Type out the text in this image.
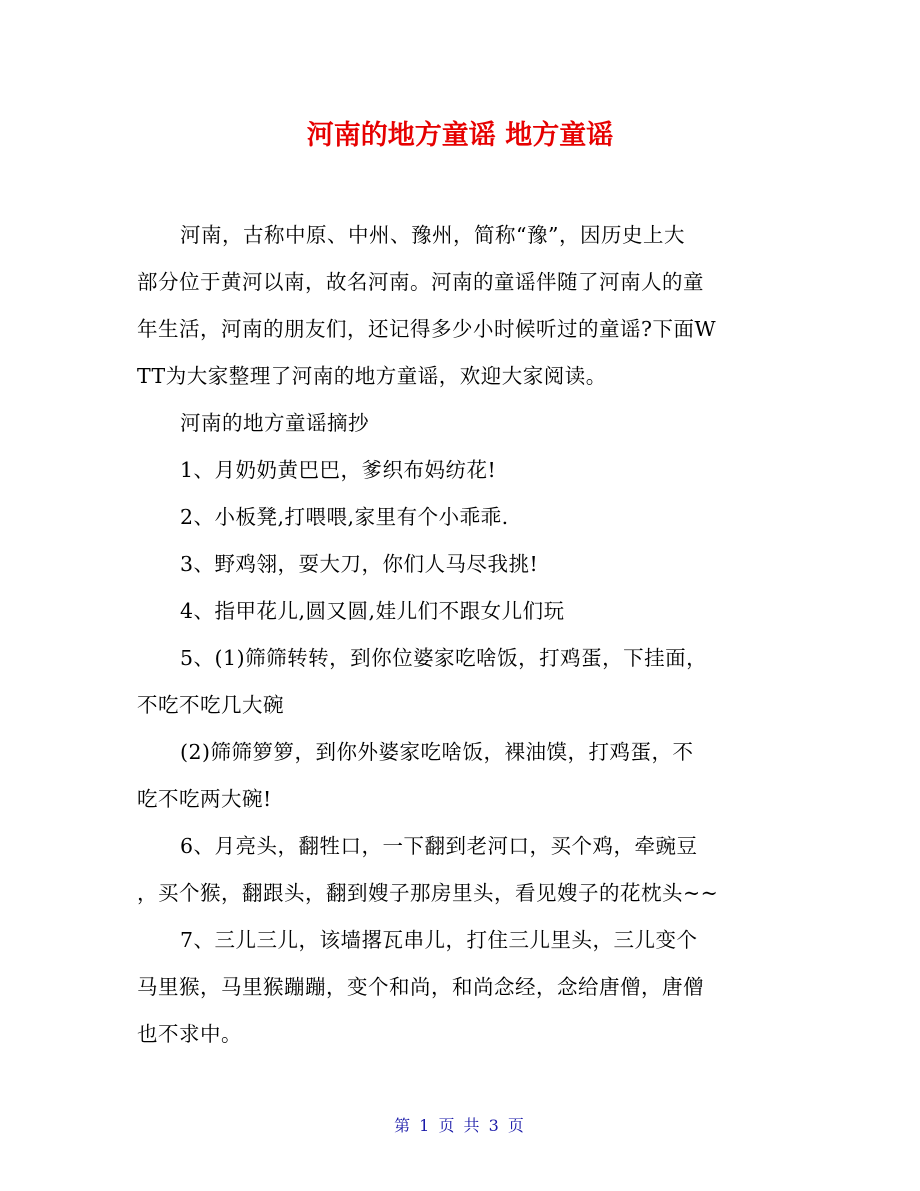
河南的地方童谣 地方童谣
河南，古称中原、中州、豫州，简称“豫”，因历史上大
部分位于黄河以南，故名河南。河南的童谣伴随了河南人的童
年生活，河南的朋友们，还记得多少小时候听过的童谣?下面W
TT为大家整理了河南的地方童谣，欢迎大家阅读。
河南的地方童谣摘抄
1、月奶奶黄巴巴，爹织布妈纺花!
2、小板凳,打喂喂,家里有个小乖乖.
3、野鸡翎，耍大刀，你们人马尽我挑!
4、指甲花儿,圆又圆,娃儿们不跟女儿们玩
5、(1)筛筛转转，到你位婆家吃啥饭，打鸡蛋，下挂面，
不吃不吃几大碗
(2)筛筛箩箩，到你外婆家吃啥饭，裸油馍，打鸡蛋，不
吃不吃两大碗!
6、月亮头，翻牲口，一下翻到老河口，买个鸡，牵豌豆
，买个猴，翻跟头，翻到嫂子那房里头，看见嫂子的花枕头~~
7、三儿三儿，该墙撂瓦串儿，打住三儿里头，三儿变个
马里猴，马里猴蹦蹦，变个和尚，和尚念经，念给唐僧，唐僧
也不求中。
第 1 页 共 3 页
